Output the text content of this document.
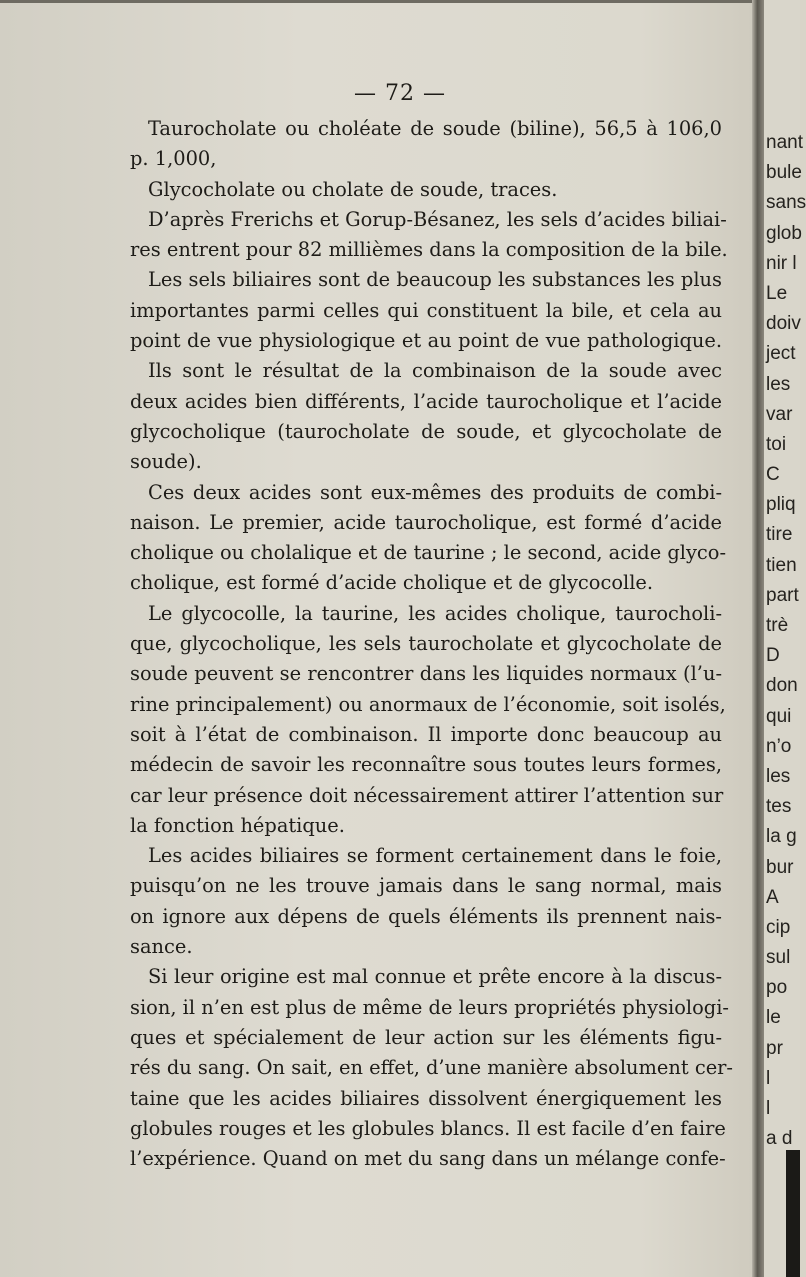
— 72 —
Taurocholate ou choléate de soude (biline), 56,5 à 106,0
p. 1,000,
Glycocholate ou cholate de soude, traces.
D’après Frerichs et Gorup-Bésanez, les sels d’acides biliai-
res entrent pour 82 millièmes dans la composition de la bile.
Les sels biliaires sont de beaucoup les substances les plus
importantes parmi celles qui constituent la bile, et cela au
point de vue physiologique et au point de vue pathologique.
Ils sont le résultat de la combinaison de la soude avec
deux acides bien différents, l’acide taurocholique et l’acide
glycocholique (taurocholate de soude, et glycocholate de
soude).
Ces deux acides sont eux-mêmes des produits de combi-
naison. Le premier, acide taurocholique, est formé d’acide
cholique ou cholalique et de taurine ; le second, acide glyco-
cholique, est formé d’acide cholique et de glycocolle.
Le glycocolle, la taurine, les acides cholique, taurocholi-
que, glycocholique, les sels taurocholate et glycocholate de
soude peuvent se rencontrer dans les liquides normaux (l’u-
rine principalement) ou anormaux de l’économie, soit isolés,
soit à l’état de combinaison. Il importe donc beaucoup au
médecin de savoir les reconnaître sous toutes leurs formes,
car leur présence doit nécessairement attirer l’attention sur
la fonction hépatique.
Les acides biliaires se forment certainement dans le foie,
puisqu’on ne les trouve jamais dans le sang normal, mais
on ignore aux dépens de quels éléments ils prennent nais-
sance.
Si leur origine est mal connue et prête encore à la discus-
sion, il n’en est plus de même de leurs propriétés physiologi-
ques et spécialement de leur action sur les éléments figu-
rés du sang. On sait, en effet, d’une manière absolument cer-
taine que les acides biliaires dissolvent énergiquement les
globules rouges et les globules blancs. Il est facile d’en faire
l’expérience. Quand on met du sang dans un mélange confe-
nant
bule
sans
glob
nir l
Le
doiv
ject
les
var
toi
C
pliq
tire
tien
part
trè
D
don
qui
n’o
les
tes
la g
bur
A
cip
sul
po
le
pr
l
l
a d
